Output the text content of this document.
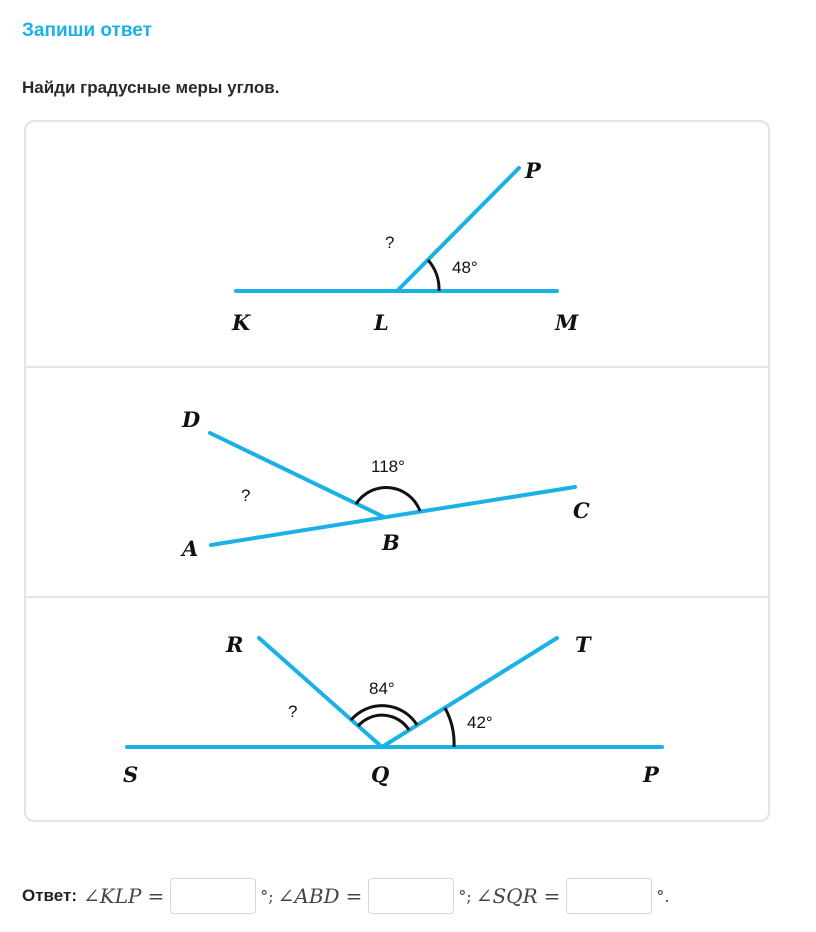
Запиши ответ
Найди градусные меры углов.
48°
?
K	L	M
P
118°
?
D
A	B
C
84°
42°
?
R	T
S	Q	P
Ответ: ∠KLP =	°; ∠ABD =	°; ∠SQR =	°.
